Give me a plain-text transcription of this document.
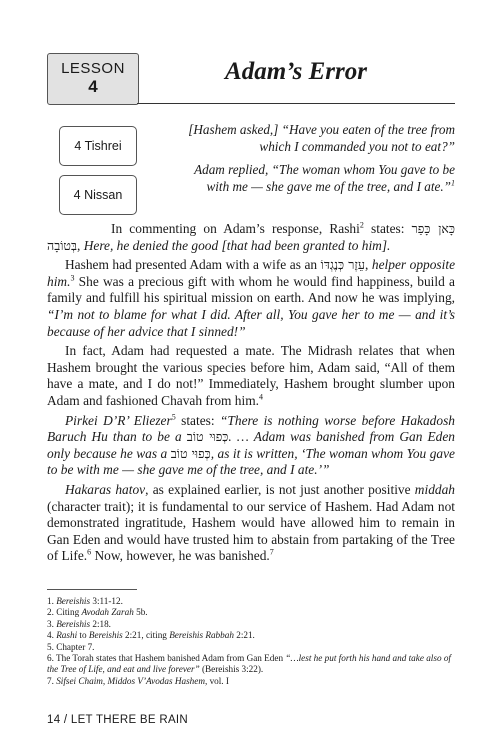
LESSON
4
Adam’s Error
4 Tishrei
4 Nissan
[Hashem asked,] “Have you eaten of the tree from which I commanded you not to eat?”
Adam replied, “The woman whom You gave to be with me — she gave me of the tree, and I ate.”$^1$

In commenting on Adam’s response, Rashi$^2$ states: כָּאן כָּפַר בְּטוֹבָה, Here, he denied the good [that had been granted to him].

Hashem had presented Adam with a wife as an עֵזֶר כְּנֶגְדּוֹ, helper opposite him.$^3$ She was a precious gift with whom he would find happiness, build a family and fulfill his spiritual mission on earth. And now he was implying, “I’m not to blame for what I did. After all, You gave her to me — and it’s because of her advice that I sinned!”

In fact, Adam had requested a mate. The Midrash relates that when Hashem brought the various species before him, Adam said, “All of them have a mate, and I do not!” Immediately, Hashem brought slumber upon Adam and fashioned Chavah from him.$^4$

Pirkei D’R’ Eliezer$^5$ states: “There is nothing worse before Hakadosh Baruch Hu than to be a כְּפוּי טוֹב. … Adam was banished from Gan Eden only because he was a כְּפוּי טוֹב, as it is written, ‘The woman whom You gave to be with me — she gave me of the tree, and I ate.’”

Hakaras hatov, as explained earlier, is not just another positive middah (character trait); it is fundamental to our service of Hashem. Had Adam not demonstrated ingratitude, Hashem would have allowed him to remain in Gan Eden and would have trusted him to abstain from partaking of the Tree of Life.$^6$ Now, however, he was banished.$^7$

1. Bereishis 3:11-12.
2. Citing Avodah Zarah 5b.
3. Bereishis 2:18.
4. Rashi to Bereishis 2:21, citing Bereishis Rabbah 2:21.
5. Chapter 7.
6. The Torah states that Hashem banished Adam from Gan Eden “…lest he put forth his hand and take also of the Tree of Life, and eat and live forever” (Bereishis 3:22).
7. Sifsei Chaim, Middos V’Avodas Hashem, vol. I
14 / LET THERE BE RAIN
